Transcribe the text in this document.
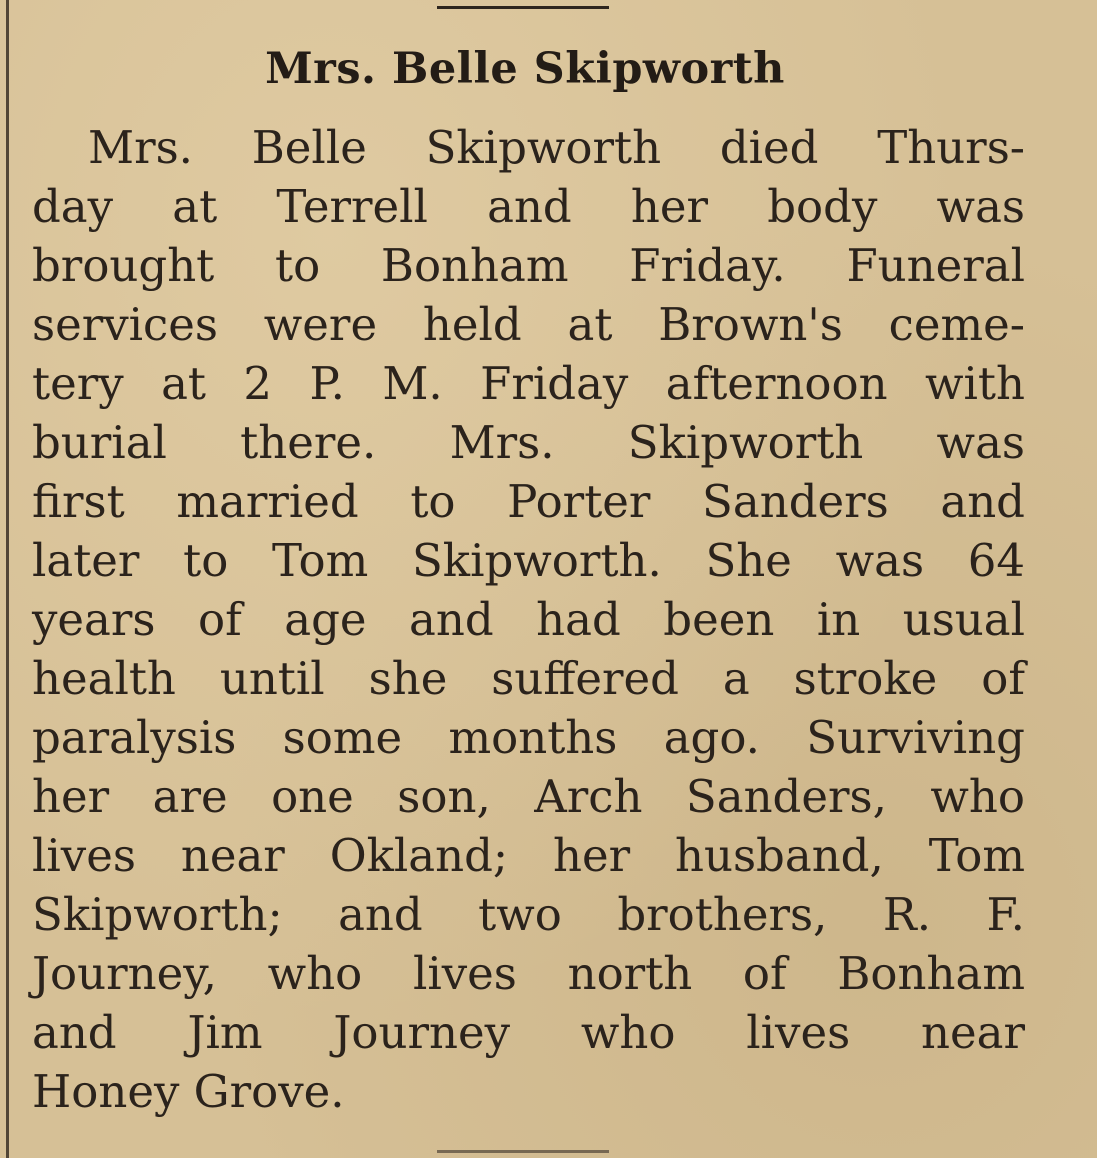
Mrs. Belle Skipworth
Mrs. Belle Skipworth died Thurs-
day at Terrell and her body was
brought to Bonham Friday. Funeral
services were held at Brown's ceme-
tery at 2 P. M. Friday afternoon with
burial there. Mrs. Skipworth was
first married to Porter Sanders and
later to Tom Skipworth. She was 64
years of age and had been in usual
health until she suffered a stroke of
paralysis some months ago. Surviving
her are one son, Arch Sanders, who
lives near Okland; her husband, Tom
Skipworth; and two brothers, R. F.
Journey, who lives north of Bonham
and Jim Journey who lives near
Honey Grove.
